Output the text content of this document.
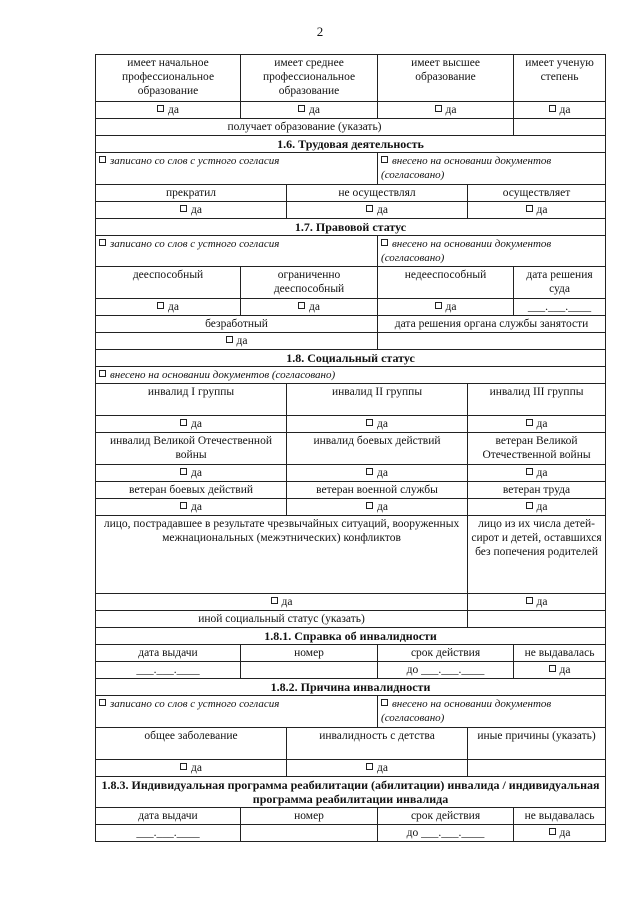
2
имеет начальное профессиональное образование	имеет среднее профессиональное образование		имеет высшее образование		имеет ученую степень
да	да		да		да
получает образование (указать)					
1.6. Трудовая деятельность					
записано со слов с устного согласия			внесено на основании документов (согласовано)		
прекратил		не осуществлял		осуществляет	
да		да		да	
1.7. Правовой статус					
записано со слов с устного согласия			внесено на основании документов (согласовано)		
дееспособный	ограниченно дееспособный		недееспособный		дата решения суда
да	да		да		___.___.____
безработный			дата решения органа службы занятости		
да					
1.8. Социальный статус					
внесено на основании документов (согласовано)					
инвалид I группы		инвалид II группы		инвалид III группы	
да		да		да	
инвалид Великой Отечественной войны		инвалид боевых действий		ветеран Великой Отечественной войны	
да		да		да	
ветеран боевых действий		ветеран военной службы		ветеран труда	
да		да		да	
лицо, пострадавшее в результате чрезвычайных ситуаций, вооруженных межнациональных (межэтнических) конфликтов				лицо из их числа детей-сирот и детей, оставшихся без попечения родителей	
да				да	
иной социальный статус (указать)					
1.8.1. Справка об инвалидности					
дата выдачи	номер		срок действия		не выдавалась
___.___.____			до ___.___.____		да
1.8.2. Причина инвалидности					
записано со слов с устного согласия			внесено на основании документов (согласовано)		
общее заболевание		инвалидность с детства		иные причины (указать)	
да		да			
1.8.3. Индивидуальная программа реабилитации (абилитации) инвалида / индивидуальная программа реабилитации инвалида					
дата выдачи	номер		срок действия		не выдавалась
___.___.____			до ___.___.____		да
